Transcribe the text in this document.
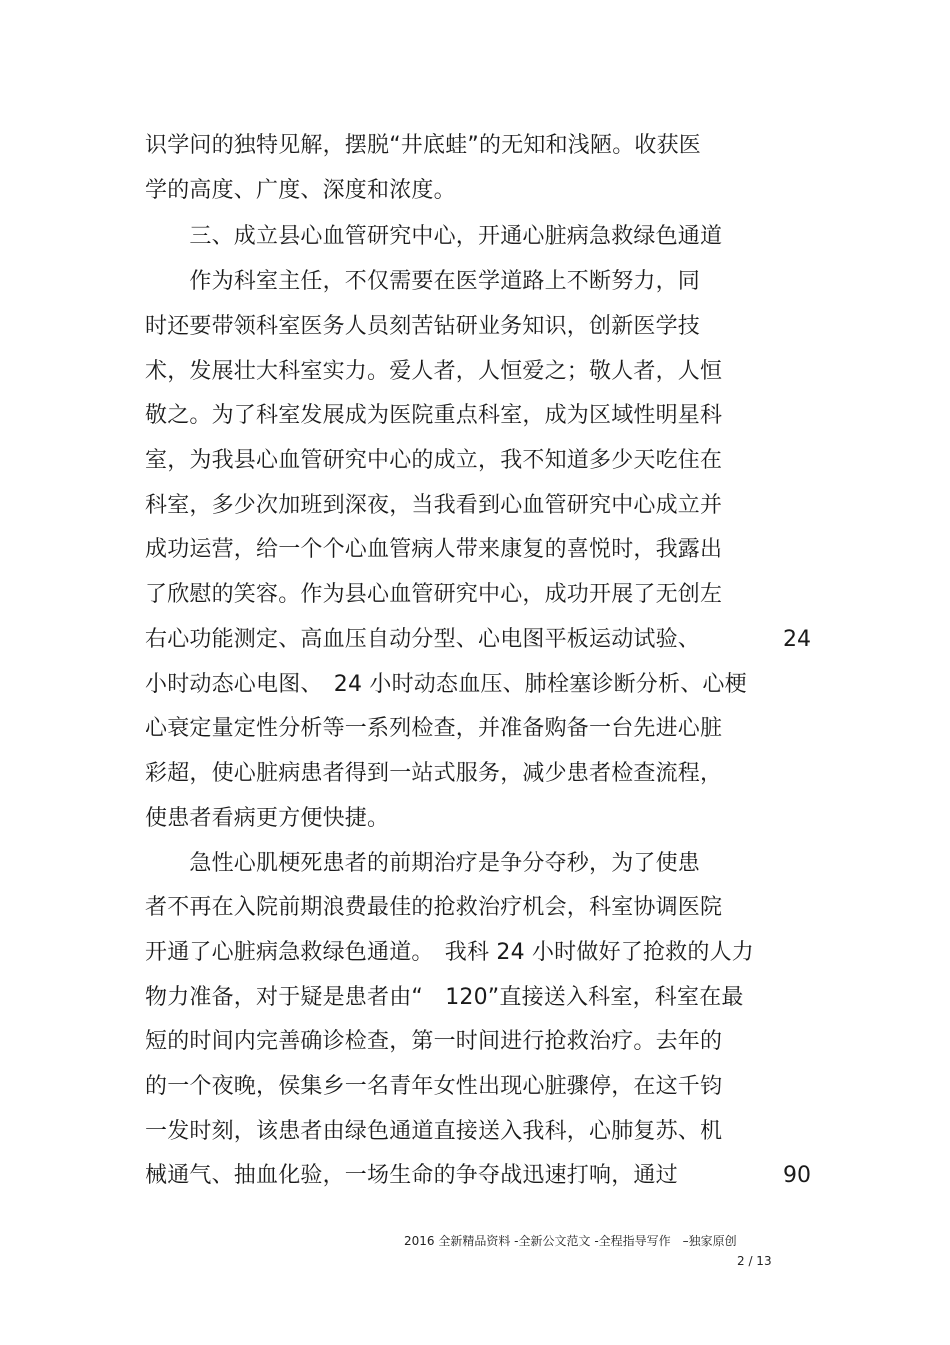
识学问的独特见解，摆脱“井底蛙”的无知和浅陋。收获医
学的高度、广度、深度和浓度。
　　三、成立县心血管研究中心，开通心脏病急救绿色通道
　　作为科室主任，不仅需要在医学道路上不断努力，同
时还要带领科室医务人员刻苦钻研业务知识，创新医学技
术，发展壮大科室实力。爱人者，人恒爱之；敬人者，人恒
敬之。为了科室发展成为医院重点科室，成为区域性明星科
室，为我县心血管研究中心的成立，我不知道多少天吃住在
科室，多少次加班到深夜，当我看到心血管研究中心成立并
成功运营，给一个个心血管病人带来康复的喜悦时，我露出
了欣慰的笑容。作为县心血管研究中心，成功开展了无创左
右心功能测定、高血压自动分型、心电图平板运动试验、	24
小时动态心电图、　24 小时动态血压、肺栓塞诊断分析、心梗
心衰定量定性分析等一系列检查，并准备购备一台先进心脏
彩超，使心脏病患者得到一站式服务，减少患者检查流程，
使患者看病更方便快捷。
　　急性心肌梗死患者的前期治疗是争分夺秒，为了使患
者不再在入院前期浪费最佳的抢救治疗机会，科室协调医院
开通了心脏病急救绿色通道。　我科 24 小时做好了抢救的人力
物力准备，对于疑是患者由“　120”直接送入科室，科室在最
短的时间内完善确诊检查，第一时间进行抢救治疗。去年的
的一个夜晚，侯集乡一名青年女性出现心脏骤停，在这千钧
一发时刻，该患者由绿色通道直接送入我科，心肺复苏、机
械通气、抽血化验，一场生命的争夺战迅速打响，通过	90
2016 全新精品资料 -全新公文范文 -全程指导写作　–独家原创
2 / 13
